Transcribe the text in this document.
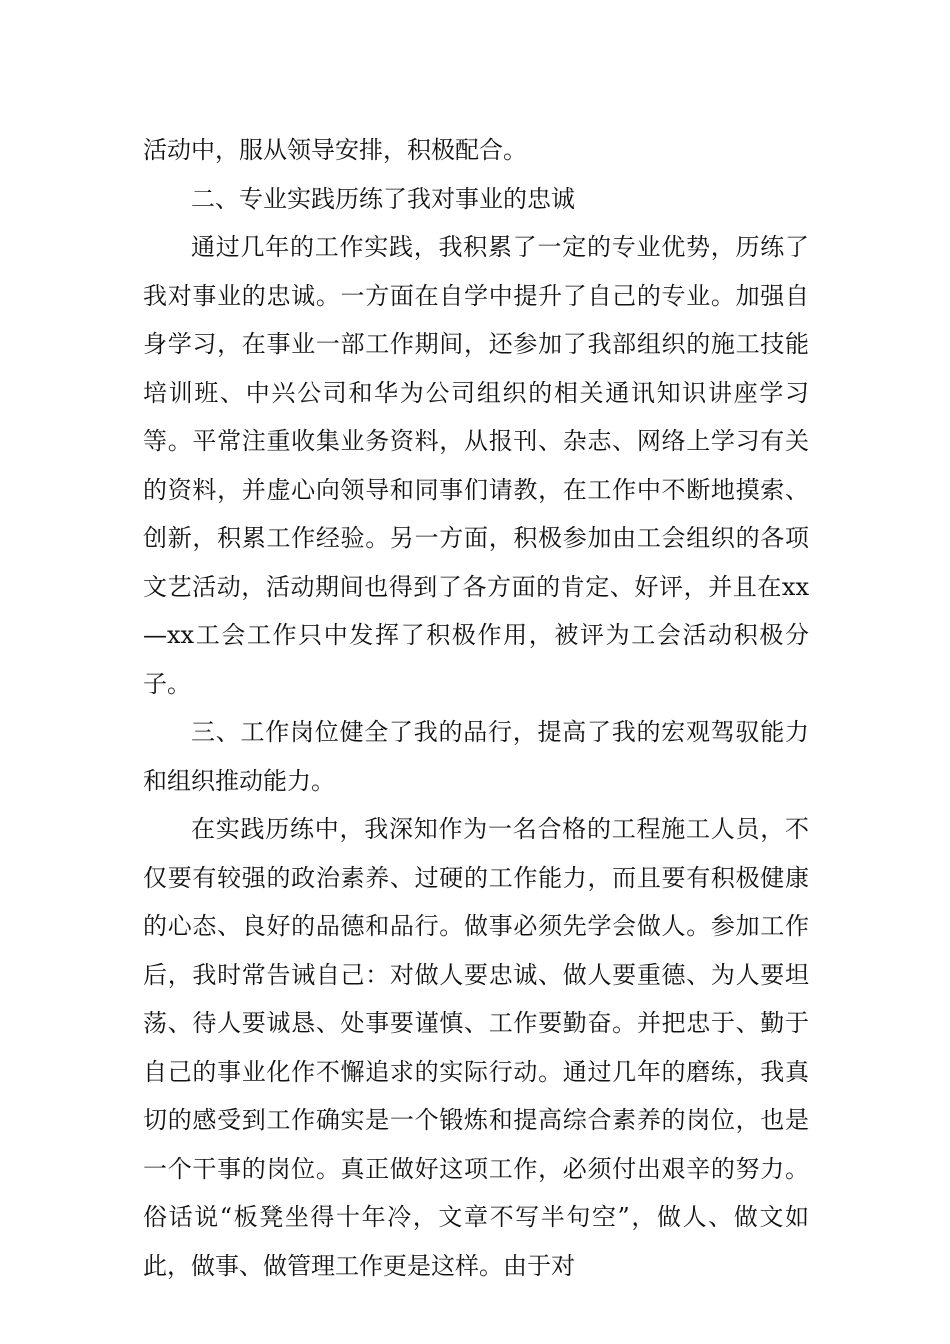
活动中，服从领导安排，积极配合。

二、专业实践历练了我对事业的忠诚

通过几年的工作实践，我积累了一定的专业优势，历练了我对事业的忠诚。一方面在自学中提升了自己的专业。加强自身学习，在事业一部工作期间，还参加了我部组织的施工技能培训班、中兴公司和华为公司组织的相关通讯知识讲座学习等。平常注重收集业务资料，从报刊、杂志、网络上学习有关的资料，并虚心向领导和同事们请教，在工作中不断地摸索、创新，积累工作经验。另一方面，积极参加由工会组织的各项文艺活动，活动期间也得到了各方面的肯定、好评，并且在xx—xx工会工作只中发挥了积极作用，被评为工会活动积极分子。

三、工作岗位健全了我的品行，提高了我的宏观驾驭能力和组织推动能力。

在实践历练中，我深知作为一名合格的工程施工人员，不仅要有较强的政治素养、过硬的工作能力，而且要有积极健康的心态、良好的品德和品行。做事必须先学会做人。参加工作后，我时常告诫自己：对做人要忠诚、做人要重德、为人要坦荡、待人要诚恳、处事要谨慎、工作要勤奋。并把忠于、勤于自己的事业化作不懈追求的实际行动。通过几年的磨练，我真切的感受到工作确实是一个锻炼和提高综合素养的岗位，也是一个干事的岗位。真正做好这项工作，必须付出艰辛的努力。俗话说“板凳坐得十年冷，文章不写半句空”，做人、做文如此，做事、做管理工作更是这样。由于对
